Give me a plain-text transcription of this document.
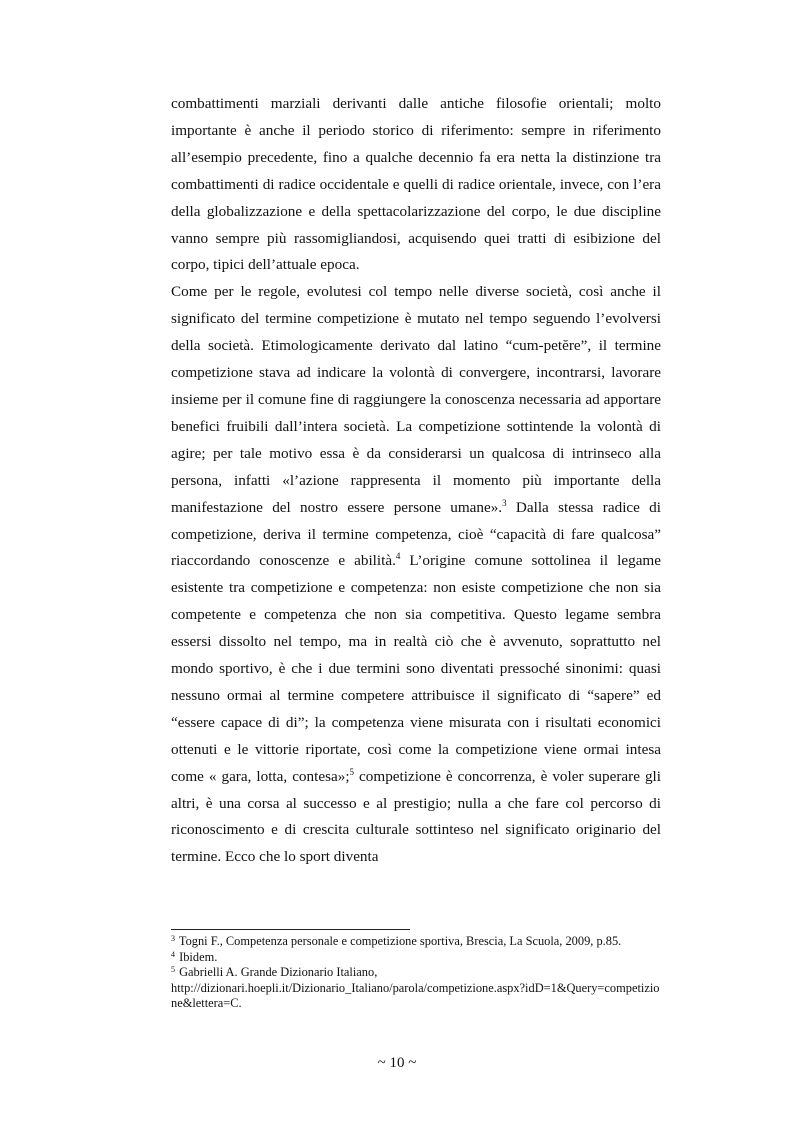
combattimenti marziali derivanti dalle antiche filosofie orientali; molto importante è anche il periodo storico di riferimento: sempre in riferimento all’esempio precedente, fino a qualche decennio fa era netta la distinzione tra combattimenti di radice occidentale e quelli di radice orientale, invece, con l’era della globalizzazione e della spettacolarizzazione del corpo, le due discipline vanno sempre più rassomigliandosi, acquisendo quei tratti di esibizione del corpo, tipici dell’attuale epoca.

Come per le regole, evolutesi col tempo nelle diverse società, così anche il significato del termine competizione è mutato nel tempo seguendo l’evolversi della società. Etimologicamente derivato dal latino “cum-petĕre”, il termine competizione stava ad indicare la volontà di convergere, incontrarsi, lavorare insieme per il comune fine di raggiungere la conoscenza necessaria ad apportare benefici fruibili dall’intera società. La competizione sottintende la volontà di agire; per tale motivo essa è da considerarsi un qualcosa di intrinseco alla persona, infatti «l’azione rappresenta il momento più importante della manifestazione del nostro essere persone umane».$^3$ Dalla stessa radice di competizione, deriva il termine competenza, cioè “capacità di fare qualcosa” riaccordando conoscenze e abilità.$^4$ L’origine comune sottolinea il legame esistente tra competizione e competenza: non esiste competizione che non sia competente e competenza che non sia competitiva. Questo legame sembra essersi dissolto nel tempo, ma in realtà ciò che è avvenuto, soprattutto nel mondo sportivo, è che i due termini sono diventati pressoché sinonimi: quasi nessuno ormai al termine competere attribuisce il significato di “sapere” ed “essere capace di di”; la competenza viene misurata con i risultati economici ottenuti e le vittorie riportate, così come la competizione viene ormai intesa come « gara, lotta, contesa»;$^5$ competizione è concorrenza, è voler superare gli altri, è una corsa al successo e al prestigio; nulla a che fare col percorso di riconoscimento e di crescita culturale sottinteso nel significato originario del termine. Ecco che lo sport diventa

$^3$ Togni F., Competenza personale e competizione sportiva, Brescia, La Scuola, 2009, p.85.

$^4$ Ibidem.

$^5$ Gabrielli A. Grande Dizionario Italiano,
http://dizionari.hoepli.it/Dizionario_Italiano/parola/competizione.aspx?idD=1&Query=competizione&lettera=C.

~ 10 ~
